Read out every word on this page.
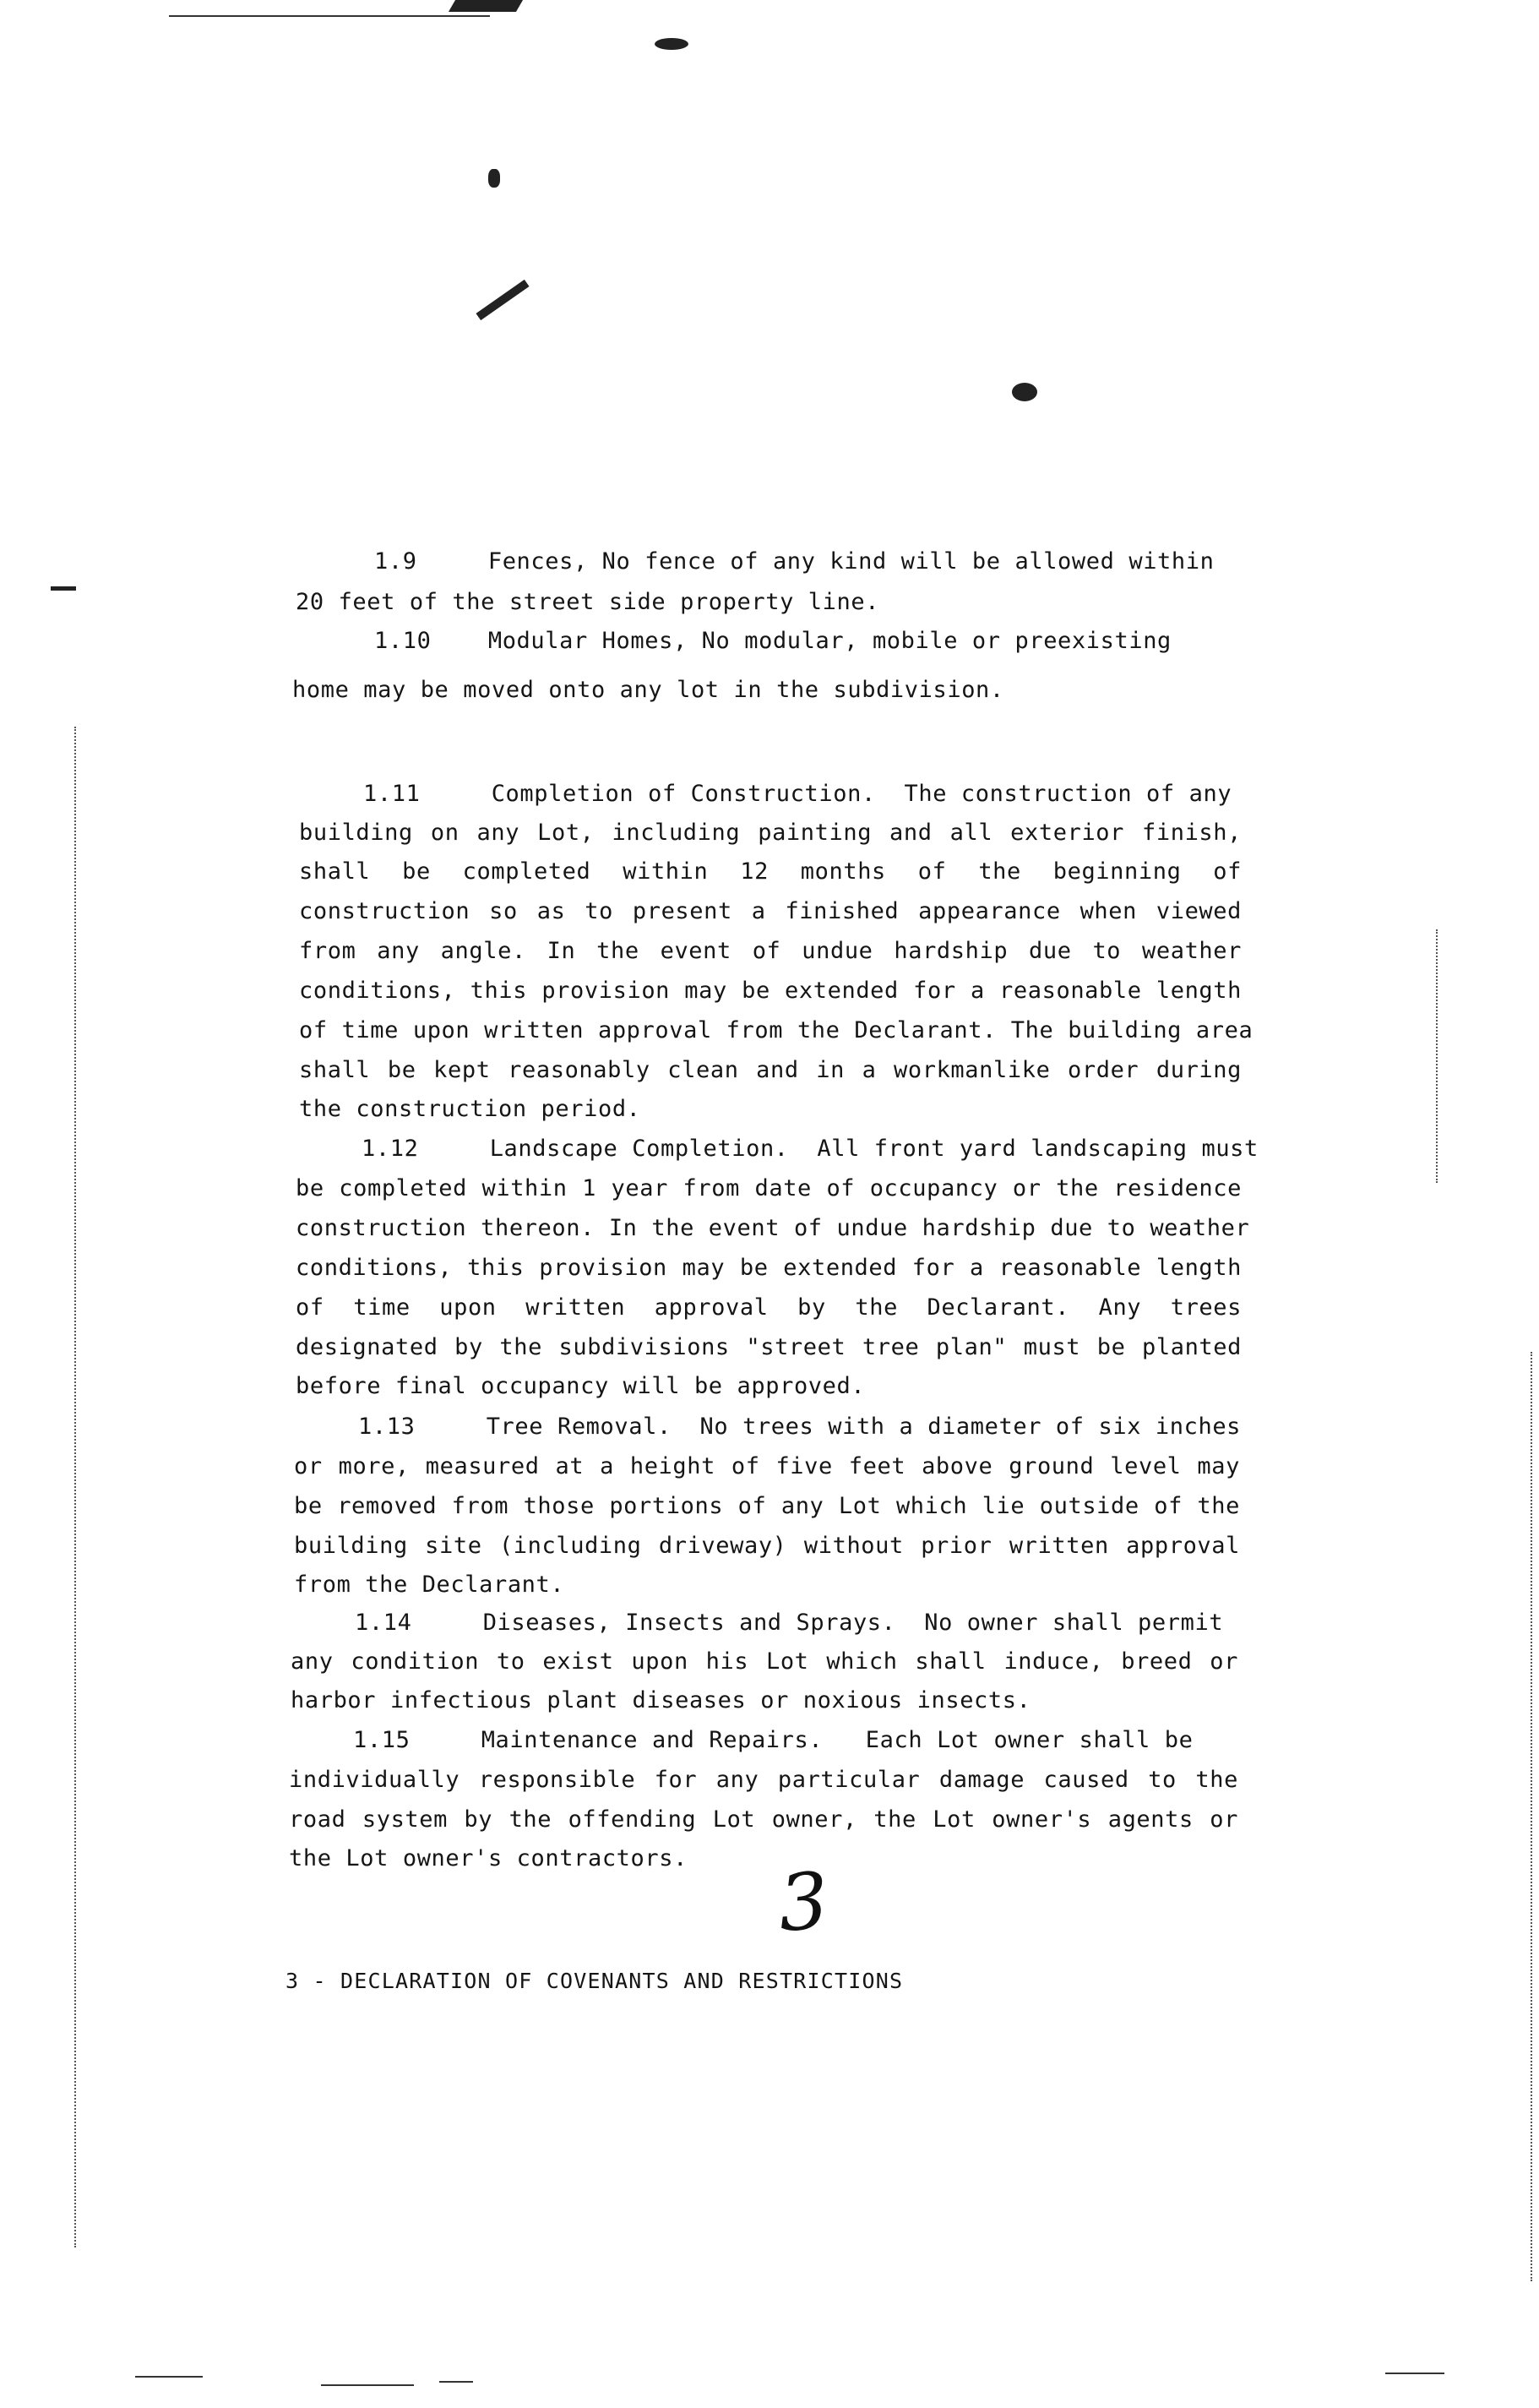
1.9     Fences, No fence of any kind will be allowed within
20 feet of the street side property line.
1.10    Modular Homes, No modular, mobile or preexisting
home may be moved onto any lot in the subdivision.
1.11     Completion of Construction.  The construction of any
building on any Lot, including painting and all exterior finish,
shall  be  completed  within  12  months  of  the  beginning  of
construction so as to present a finished appearance when viewed
from any angle. In the event of undue hardship due to weather
conditions, this provision may be extended for a reasonable length
of time upon written approval from the Declarant. The building area
shall be kept reasonably clean and in a workmanlike order during
the construction period.
1.12     Landscape Completion.  All front yard landscaping must
be completed within 1 year from date of occupancy or the residence
construction thereon. In the event of undue hardship due to weather
conditions, this provision may be extended for a reasonable length
of  time  upon  written  approval  by  the  Declarant.  Any  trees
designated by the subdivisions "street tree plan" must be planted
before final occupancy will be approved.
1.13     Tree Removal.  No trees with a diameter of six inches
or more, measured at a height of five feet above ground level may
be removed from those portions of any Lot which lie outside of the
building site (including driveway) without prior written approval
from the Declarant.
1.14     Diseases, Insects and Sprays.  No owner shall permit
any condition to exist upon his Lot which shall induce, breed or
harbor infectious plant diseases or noxious insects.
1.15     Maintenance and Repairs.   Each Lot owner shall be
individually responsible for any particular damage caused to the
road system by the offending Lot owner, the Lot owner's agents or
the Lot owner's contractors. 3
3 - DECLARATION OF COVENANTS AND RESTRICTIONS
